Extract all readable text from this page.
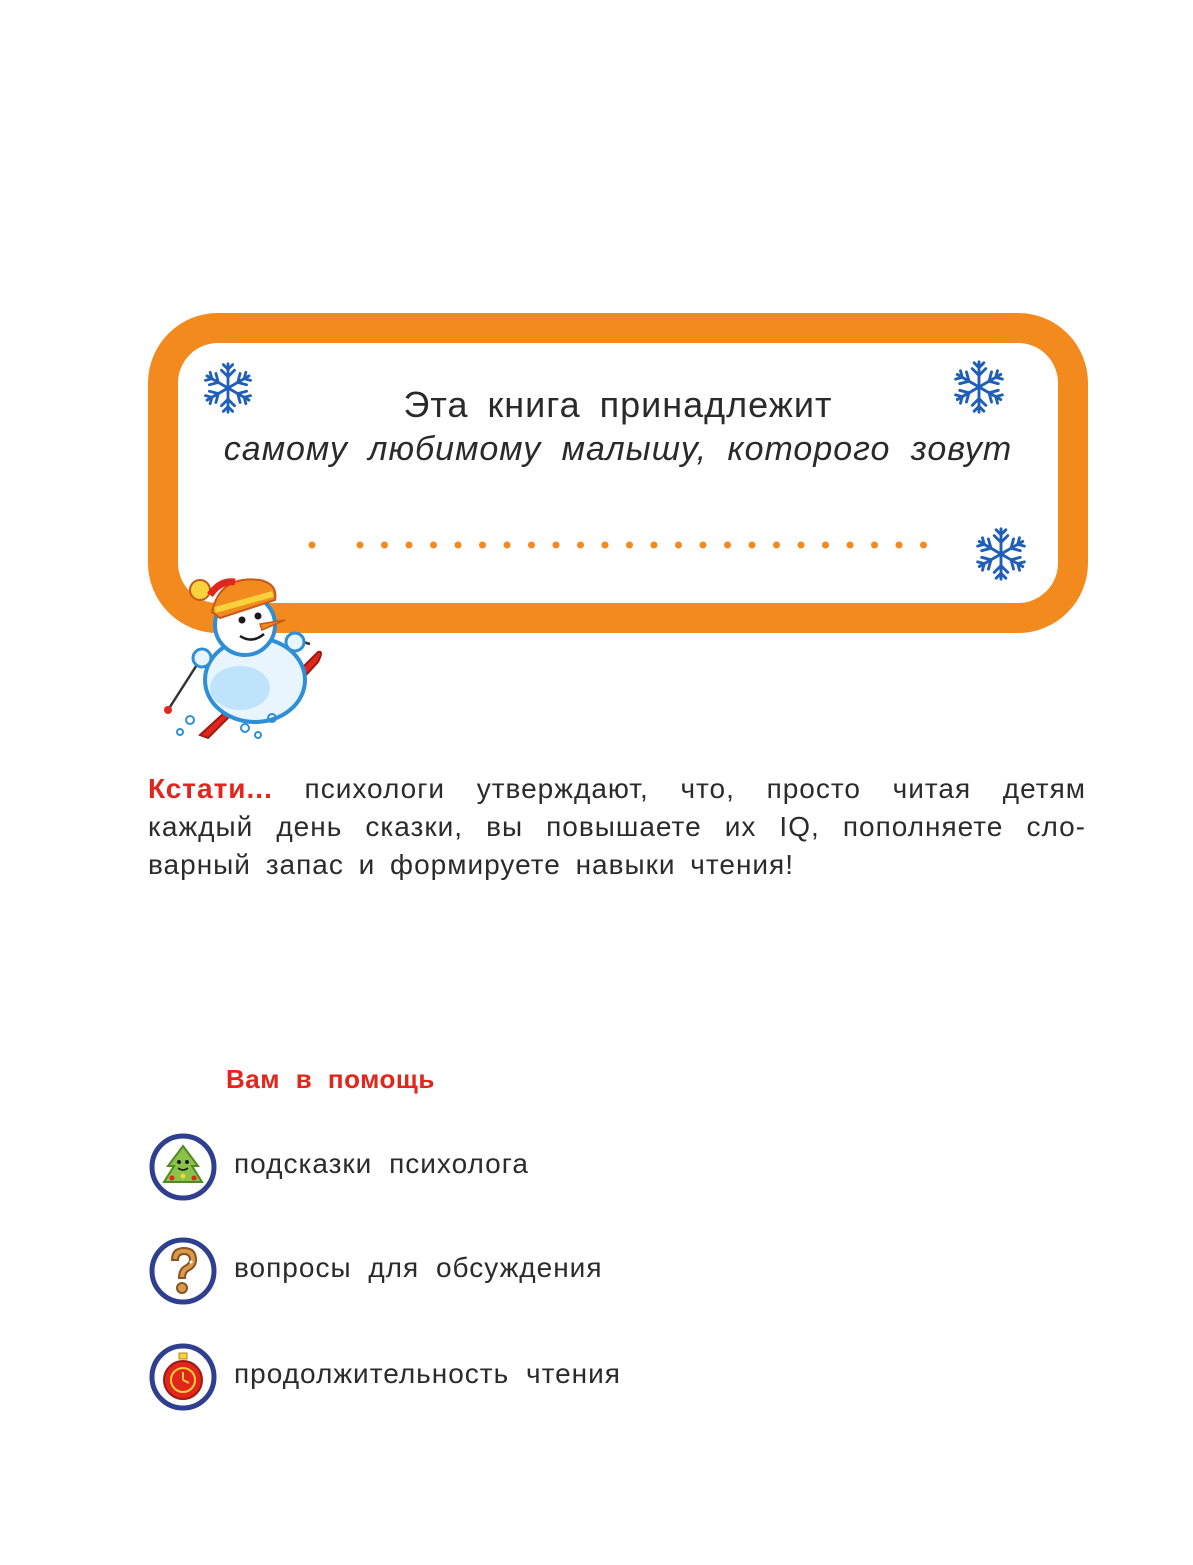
Эта книга принадлежит
самому любимому малышу, которого зовут

Кстати... психологи утверждают, что, просто читая детям

каждый день сказки, вы повышаете их IQ, пополняете сло-

варный запас и формируете навыки чтения!

Вам в помощь
подсказки психолога
вопросы для обсуждения
продолжительность чтения
